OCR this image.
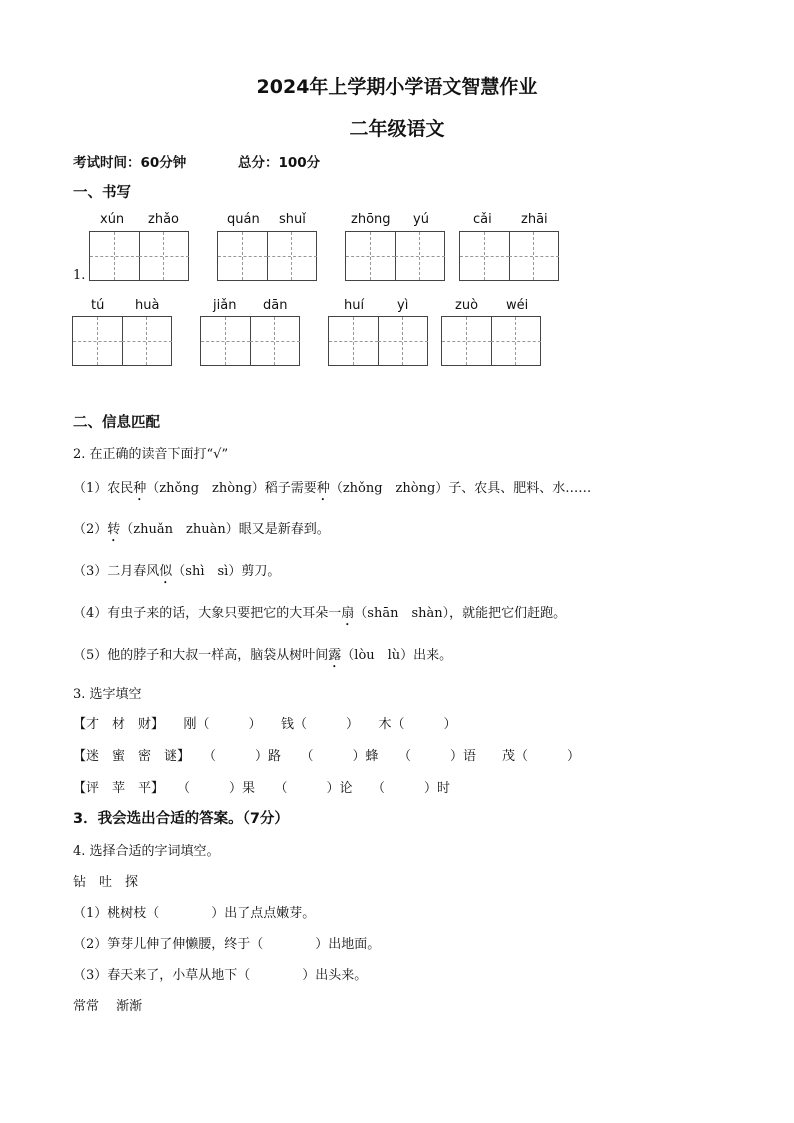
2024年上学期小学语文智慧作业
二年级语文
考试时间：60分钟	总分：100分
一、书写
1.
xún zhǎo	quán shuǐ	zhōng yú	cǎi zhāi
tú huà	jiǎn dān	huí	yì	zuò wéi
二、信息匹配
2. 在正确的读音下面打“√”
（1）农民种（zhǒng　zhòng）稻子需要种（zhǒng　zhòng）子、农具、肥料、水……
（2）转（zhuǎn　zhuàn）眼又是新春到。
（3）二月春风似（shì　sì）剪刀。
（4）有虫子来的话，大象只要把它的大耳朵一扇（shān　shàn），就能把它们赶跑。
（5）他的脖子和大叔一样高，脑袋从树叶间露（lòu　lù）出来。
3. 选字填空
【才　材　财】　　刚（　　　）　　钱（　　　）　　木（　　　）
【迷　蜜　密　谜】　　（　　　）路　　（　　　）蜂　　（　　　）语　　茂（　　　）
【评　苹　平】　　（　　　）果　　（　　　）论　　（　　　）时
3．我会选出合适的答案。（7分）
4. 选择合适的字词填空。
钻　吐　探
（1）桃树枝（　　　　）出了点点嫩芽。
（2）笋芽儿伸了伸懒腰，终于（　　　　）出地面。
（3）春天来了，小草从地下（　　　　）出头来。
常常　 渐渐
